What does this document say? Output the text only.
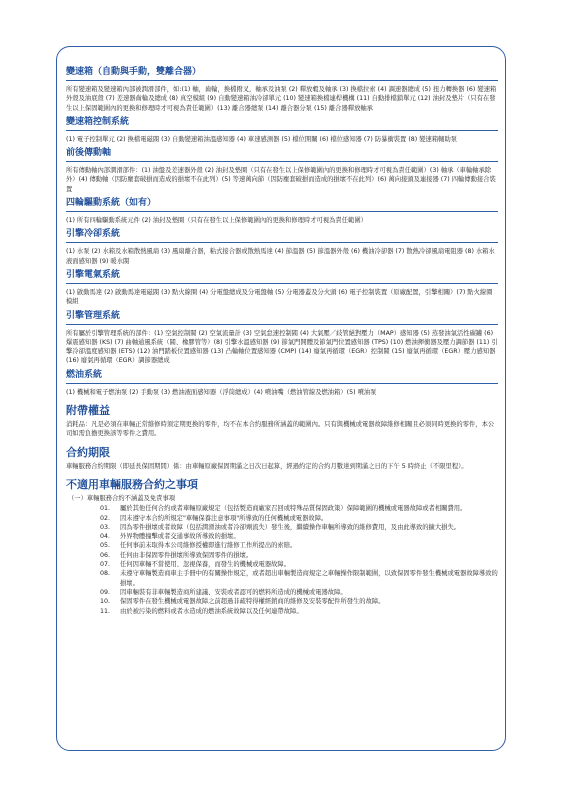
變速箱（自動與手動，雙離合器）
所有變速箱及變速箱內部被潤滑部件，如:(1) 軸，齒輪，換檔撥叉，軸承及油泵 (2) 釋放穀及軸承 (3) 換檔拉索 (4) 調速器總成 (5) 扭力轉換器 (6) 變速箱外殼及油底殼 (7) 差速器齒輪及總成 (8) 真空模組 (9) 自動變速箱油冷卻單元 (10) 變速箱換檔連桿機構 (11) 自動排檔鎖單元 (12) 油封及墊片（只有在發生以上保固範圍內的更換和修理時才可視為責任範圍）(13) 離合器總泵 (14) 離合器分泵 (15) 離合器釋放軸承
變速箱控制系統
(1) 電子控制單元 (2) 換檔電磁閥 (3) 自動變速箱油溫感知器 (4) 車速感測器 (5) 檔位開關 (6) 檔位感知器 (7) 防暴衝裝置 (8) 變速箱輔助泵
前後傳動軸
所有傳動軸內部潤滑部件：(1) 油盤及差速器外殼 (2) 油封及墊圈（只有在發生以上保修範圍內的更換和修理時才可視為責任範圍）(3) 軸承（車輪軸承除外）(4) 傳動軸（因防塵套破損而造成的損壞不在此列）(5) 等速萬向節（因防塵套破損而造成的損壞不在此列）(6) 萬向接頭及連接器 (7) 四輪傳動接合裝置
四輪驅動系統（如有）
(1) 所有四輪驅動系統元件 (2) 油封及墊圈（只有在發生以上保修範圍內的更換和修理時才可視為責任範圍）
引擎冷卻系統
(1) 水泵 (2) 水箱及水箱散熱風扇 (3) 風扇離合器，粘式接合器或散熱馬達 (4) 節溫器 (5) 節溫器外殼 (6) 機油冷卻器 (7) 散熱冷卻風扇電阻器 (8) 水箱水液面感知器 (9) 暖水閥
引擎電氣系統
(1) 啟動馬達 (2) 啟動馬達電磁閥 (3) 點火線圈 (4) 分電盤總成及分電盤軸 (5) 分電器蓋及分火頭 (6) 電子控制裝置（原廠配置，引擎相關）(7) 點火線圈模組
引擎管理系統
所有屬於引擎管理系統的部件：(1) 空氣控制閥 (2) 空氣流量計 (3) 空氣怠速控制閥 (4) 大氣壓／歧管絕對壓力（MAP）感知器 (5) 蒸發油氣活性碳罐 (6) 爆震感知器 (KS) (7) 曲軸通風系統（閥、橡膠管等）(8) 引擎水溫感知器 (9) 節氣門開體及節氣門位置感知器 (TPS) (10) 燃油揮衝器及壓力調節器 (11) 引擎冷卻溫度感知器 (ETS) (12) 油門踏板位置感知器 (13) 凸輪軸位置感知器 (CMP) (14) 廢氣再循環（EGR）控制閥 (15) 廢氣再循環（EGR）壓力感知器 (16) 廢氣再循環（EGR）調節器總成
燃油系統
(1) 機械和電子燃油泵 (2) 手動泵 (3) 燃油液面感知器（浮筒總成）(4) 噴油嘴（燃油管線及燃油箱）(5) 噴油泵
附帶權益
消耗品：凡是必須在車輛正常維修時須定期更換的零件，均不在本合約服務所涵蓋的範圍內。只有與機械或電器故障維修相關且必須同時更換的零件，本公司如需負擔更換該等零件之費用。
合約期限
車輛服務合約期限（即延長保固期間）係：由車輛原廠保固期滿之日次日起算，經過約定的合約月數達到期滿之日的下午 5 時終止（不限里程）。
不適用車輛服務合約之事項
（一）車輛服務合約不涵蓋及免責事項
01.	屬於其他任何合約或者車輛原廠規定（包括製造商廠家召回或特殊品質保固政策）保障範圍的機械或電器故障或者相關費用。
02.	因未遵守本合約所規定"車輛保養注意事項"所導致的任何機械或電器故障。
03.	因為零件損壞或者故障（包括潤滑油或者冷卻劑流失）發生後，繼續操作車輛所導致的維修費用，及由此導致的擴大損失。
04.	外界物體撞擊或者交通事故所導致的損壞。
05.	任何事前未取得本公司維修授權即進行維修工作所提出的索賠。
06.	任何由非保固零件損壞所導致保固零件的損壞。
07.	任何因車輛不當使用、忽視保養，而發生的機械或電器故障。
08.	未遵守車輛製造商車主手冊中的有關操作規定，或者超出車輛製造商規定之車輛操作限制範圍，以致保固零件發生機械或電器故障導致的損壞。
09.	因車輛裝有非車輛製造商所建議、安裝或者認可的燃料所造成的機械或電器故障。
10.	保固零件在發生機械或電器故障之前超過非疏特得權經銷商的維修及安裝零配件所發生的故障。
11.	由於被污染的燃料或者水造成的燃油系統故障以及任何連帶故障。
